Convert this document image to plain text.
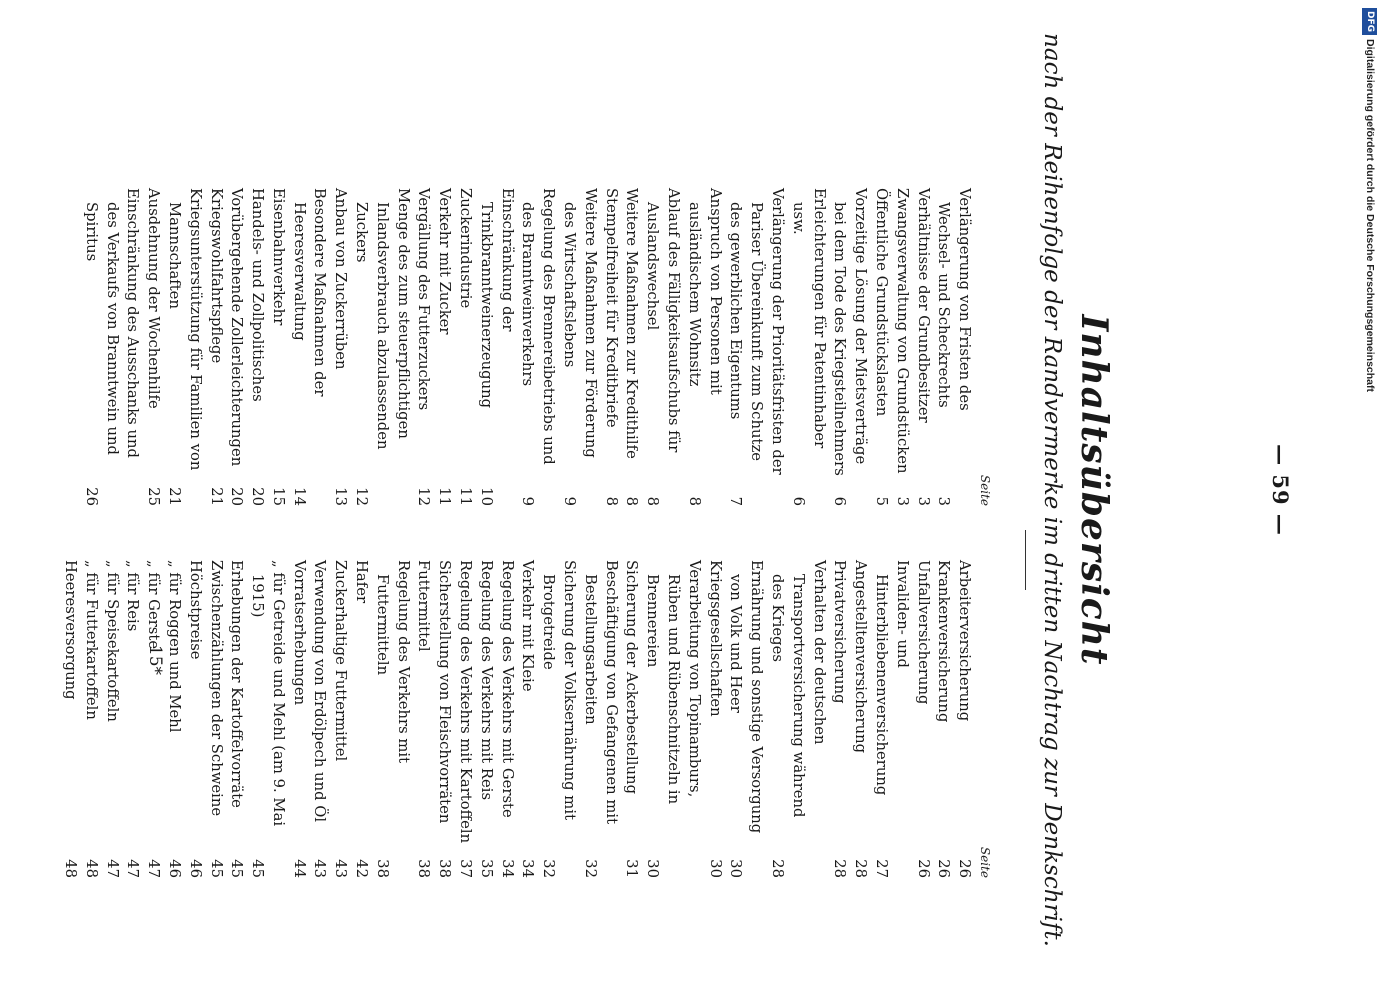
— 59 —
Inhaltsübersicht
nach der Reihenfolge der Randvermerke im dritten Nachtrag zur Denkschrift.
Seite
Verlängerung von Fristen des Wechsel- und Scheckrechts
3
Verhältnisse der Grundbesitzer
3
Zwangsverwaltung von Grundstücken
3
Öffentliche Grundstückslasten
5
Vorzeitige Lösung der Mietsverträge bei dem Tode des Kriegsteilnehmers
6
Erleichterungen für Patentinhaber usw.
6
Verlängerung der Prioritätsfristen der Pariser Übereinkunft zum Schutze des gewerblichen Eigentums
7
Anspruch von Personen mit ausländischem Wohnsitz
8
Ablauf des Fälligkeitsaufschubs für Auslandswechsel
8
Weitere Maßnahmen zur Kredithilfe
8
Stempelfreiheit für Kreditbriefe
8
Weitere Maßnahmen zur Förderung des Wirtschaftslebens
9
Regelung des Brennereibetriebs und des Branntweinverkehrs
9
Einschränkung der Trinkbranntweinerzeugung
10
Zuckerindustrie
11
Verkehr mit Zucker
11
Vergällung des Futterzuckers
12
Menge des zum steuerpflichtigen Inlandsverbrauch abzulassenden Zuckers
12
Anbau von Zuckerrüben
13
Besondere Maßnahmen der Heeresverwaltung
14
Eisenbahnverkehr
15
Handels- und Zollpolitisches
20
Vorübergehende Zollerleichterungen
20
Kriegswohlfahrtspflege
21
Kriegsunterstützung für Familien von Mannschaften
21
Ausdehnung der Wochenhilfe
25
Einschränkung des Ausschanks und des Verkaufs von Branntwein und Spiritus
26
Seite
Arbeiterversicherung
26
Krankenversicherung
26
Unfallversicherung
26
Invaliden- und Hinterbliebenenversicherung
27
Angestelltenversicherung
28
Privatversicherung
28
Verhalten der deutschen Transportversicherung während des Krieges
28
Ernährung und sonstige Versorgung von Volk und Heer
30
Kriegsgesellschaften
30
Verarbeitung von Topinamburs, Rüben und Rübenschnitzeln in Brennereien
30
Sicherung der Ackerbestellung
31
Beschäftigung von Gefangenen mit Bestellungsarbeiten
32
Sicherung der Volksernährung mit Brotgetreide
32
Verkehr mit Kleie
34
Regelung des Verkehrs mit Gerste
34
Regelung des Verkehrs mit Reis
35
Regelung des Verkehrs mit Kartoffeln
37
Sicherstellung von Fleischvorräten
38
Futtermittel
38
Regelung des Verkehrs mit Futtermitteln
38
Hafer
42
Zuckerhaltige Futtermittel
43
Verwendung von Erdölpech und Öl
43
Vorratserhebungen
44
„ für Getreide und Mehl (am 9. Mai 1915)
45
Erhebungen der Kartoffelvorräte
45
Zwischenzählungen der Schweine
45
Höchstpreise
46
„ für Roggen und Mehl
46
„ für Gerste
47
„ für Reis
47
„ für Speisekartoffeln
47
„ für Futterkartoffeln
48
Heeresversorgung
48
15*
DFG
Digitalisierung gefördert durch die Deutsche Forschungsgemeinschaft
